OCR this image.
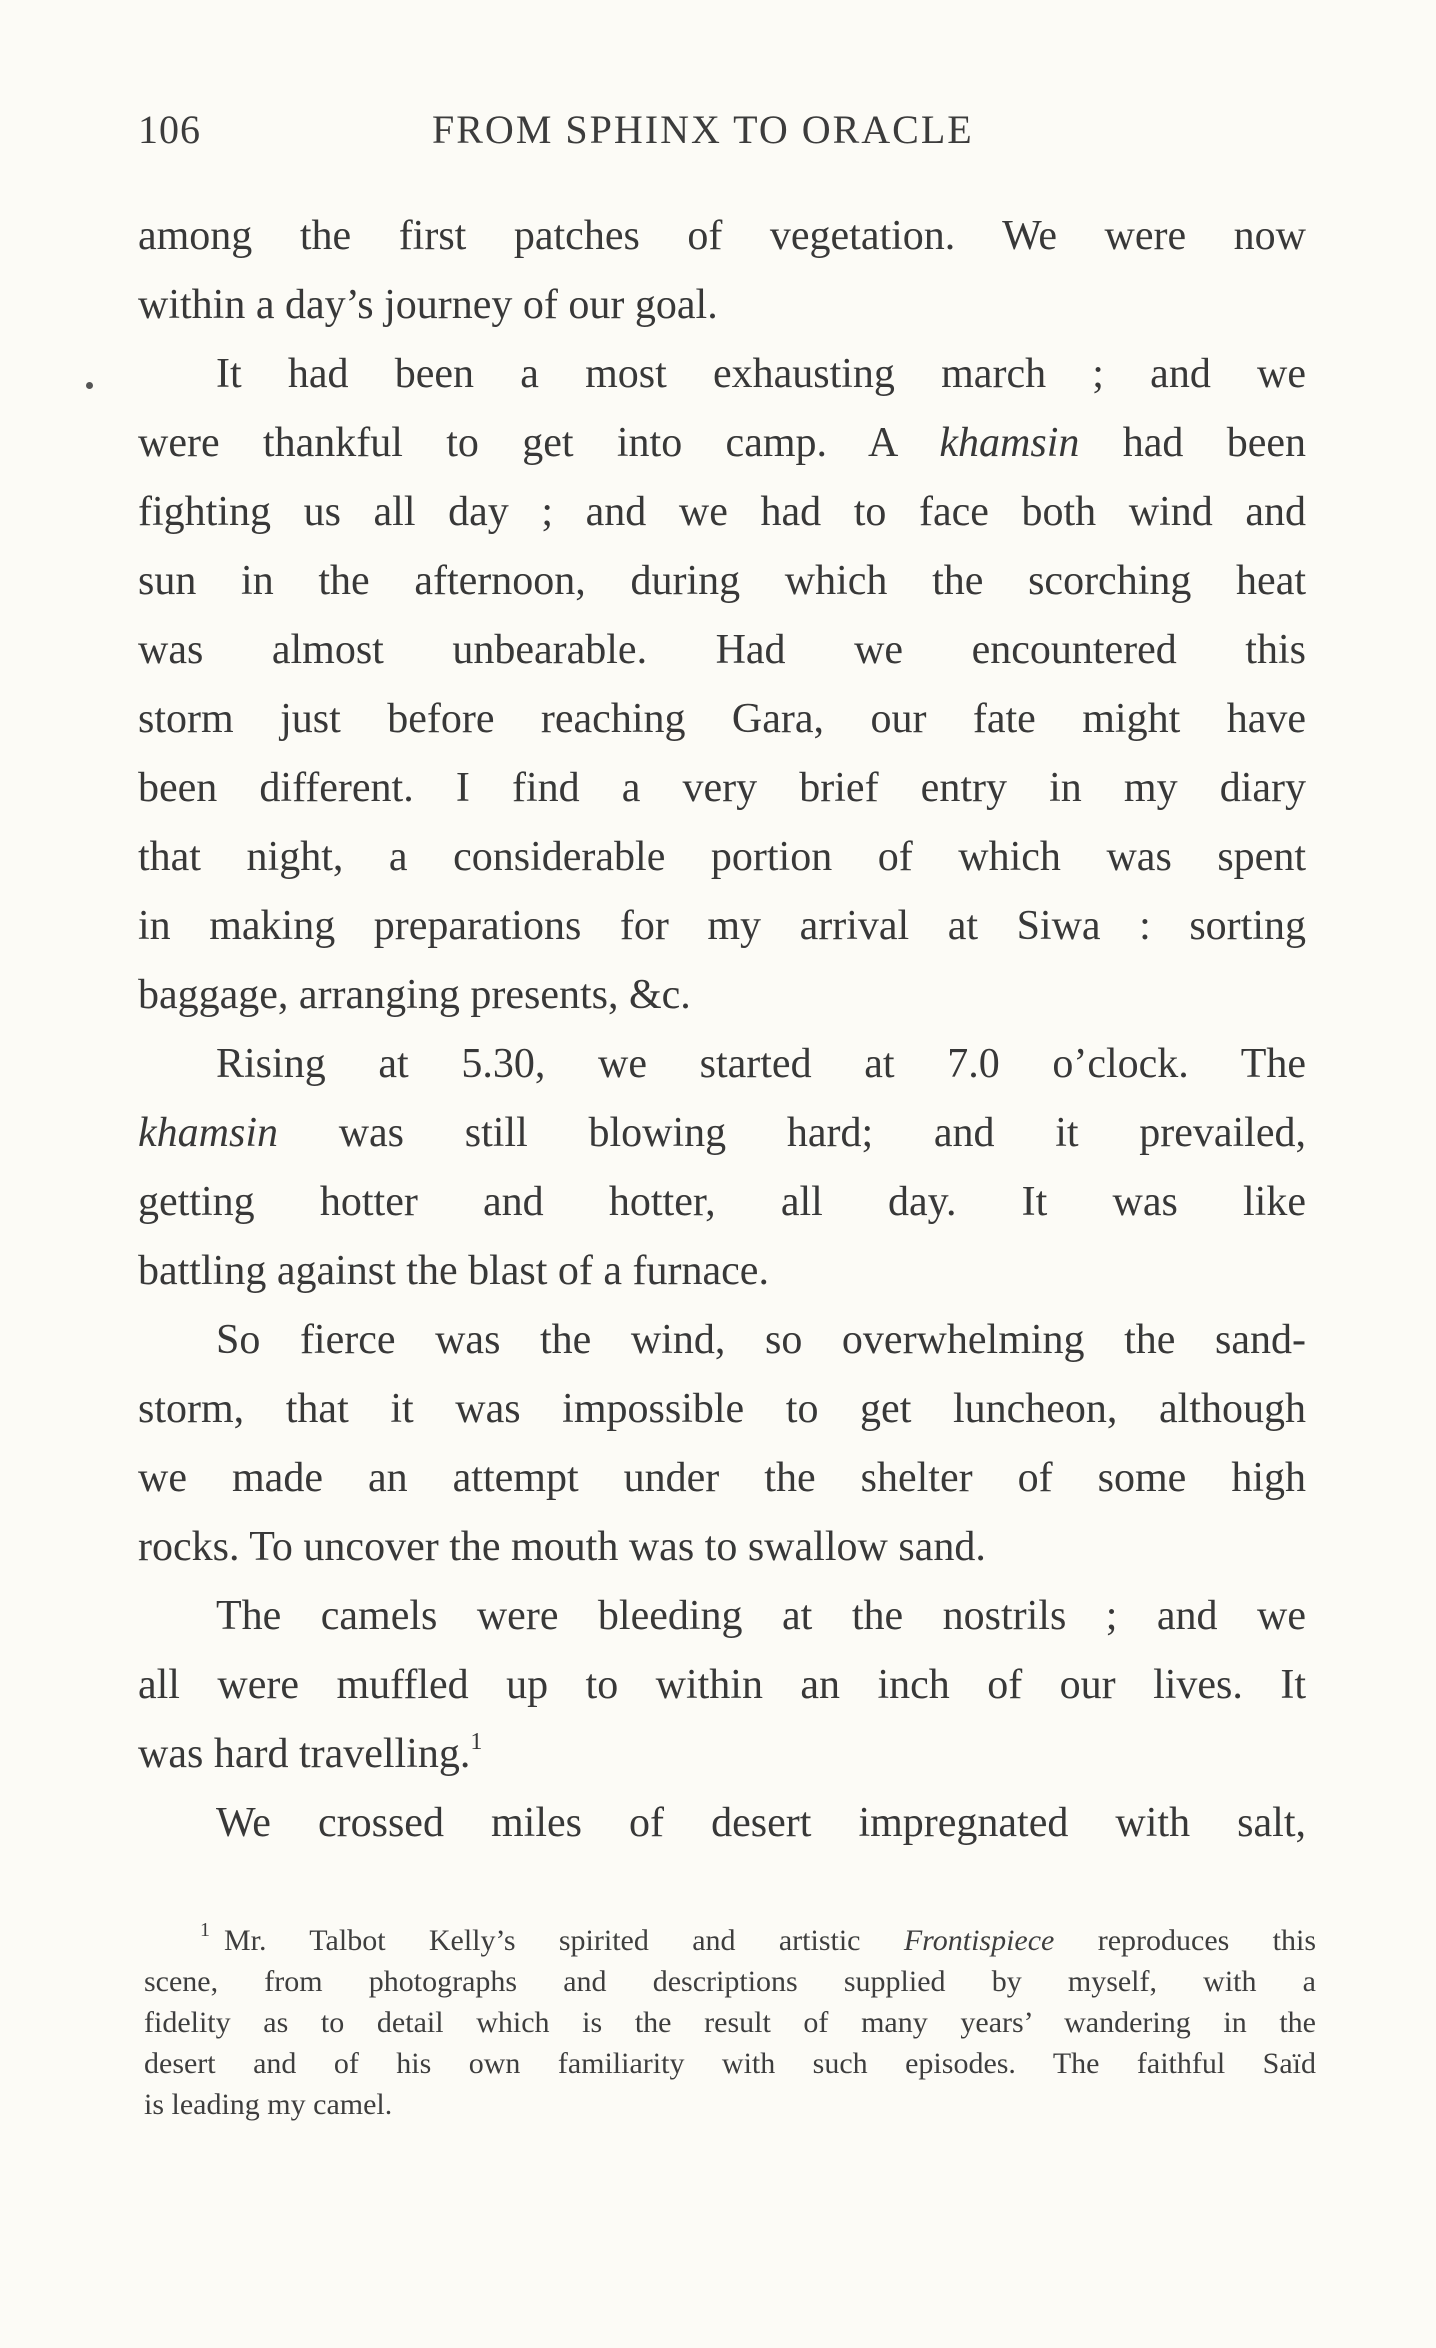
106	FROM SPHINX TO ORACLE
among the first patches of vegetation. We were now
within a day’s journey of our goal.
It had been a most exhausting march ; and we
were thankful to get into camp. A khamsin had been
fighting us all day ; and we had to face both wind and
sun in the afternoon, during which the scorching heat
was almost unbearable. Had we encountered this
storm just before reaching Gara, our fate might have
been different. I find a very brief entry in my diary
that night, a considerable portion of which was spent
in making preparations for my arrival at Siwa : sorting
baggage, arranging presents, &c.
Rising at 5.30, we started at 7.0 o’clock. The
khamsin was still blowing hard; and it prevailed,
getting hotter and hotter, all day. It was like
battling against the blast of a furnace.
So fierce was the wind, so overwhelming the sand-
storm, that it was impossible to get luncheon, although
we made an attempt under the shelter of some high
rocks. To uncover the mouth was to swallow sand.
The camels were bleeding at the nostrils ; and we
all were muffled up to within an inch of our lives. It
was hard travelling.$^1$
We crossed miles of desert impregnated with salt,
1 Mr. Talbot Kelly’s spirited and artistic Frontispiece reproduces this
scene, from photographs and descriptions supplied by myself, with a
fidelity as to detail which is the result of many years’ wandering in the
desert and of his own familiarity with such episodes. The faithful Saïd
is leading my camel.
